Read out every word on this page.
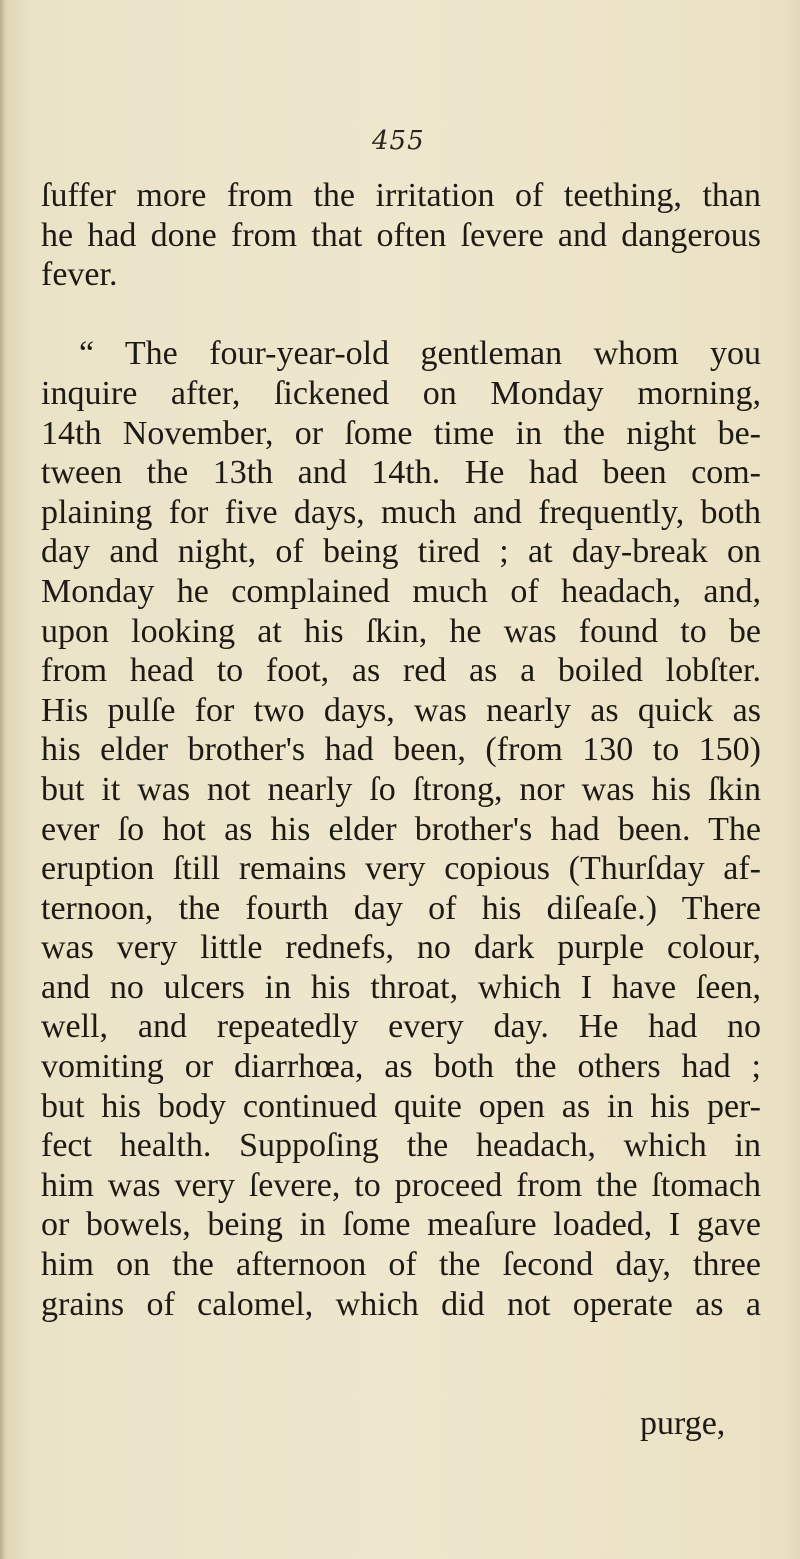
455
ſuffer more from the irritation of teething, than
he had done from that often ſevere and dangerous
fever.
“ The four-year-old gentleman whom you
inquire after, ſickened on Monday morning,
14th November, or ſome time in the night be-
tween the 13th and 14th. He had been com-
plaining for five days, much and frequently, both
day and night, of being tired ; at day-break on
Monday he complained much of headach, and,
upon looking at his ſkin, he was found to be
from head to foot, as red as a boiled lobſter.
His pulſe for two days, was nearly as quick as
his elder brother's had been, (from 130 to 150)
but it was not nearly ſo ſtrong, nor was his ſkin
ever ſo hot as his elder brother's had been. The
eruption ſtill remains very copious (Thurſday af-
ternoon, the fourth day of his diſeaſe.) There
was very little rednefs, no dark purple colour,
and no ulcers in his throat, which I have ſeen,
well, and repeatedly every day. He had no
vomiting or diarrhœa, as both the others had ;
but his body continued quite open as in his per-
fect health. Suppoſing the headach, which in
him was very ſevere, to proceed from the ſtomach
or bowels, being in ſome meaſure loaded, I gave
him on the afternoon of the ſecond day, three
grains of calomel, which did not operate as a
purge,
